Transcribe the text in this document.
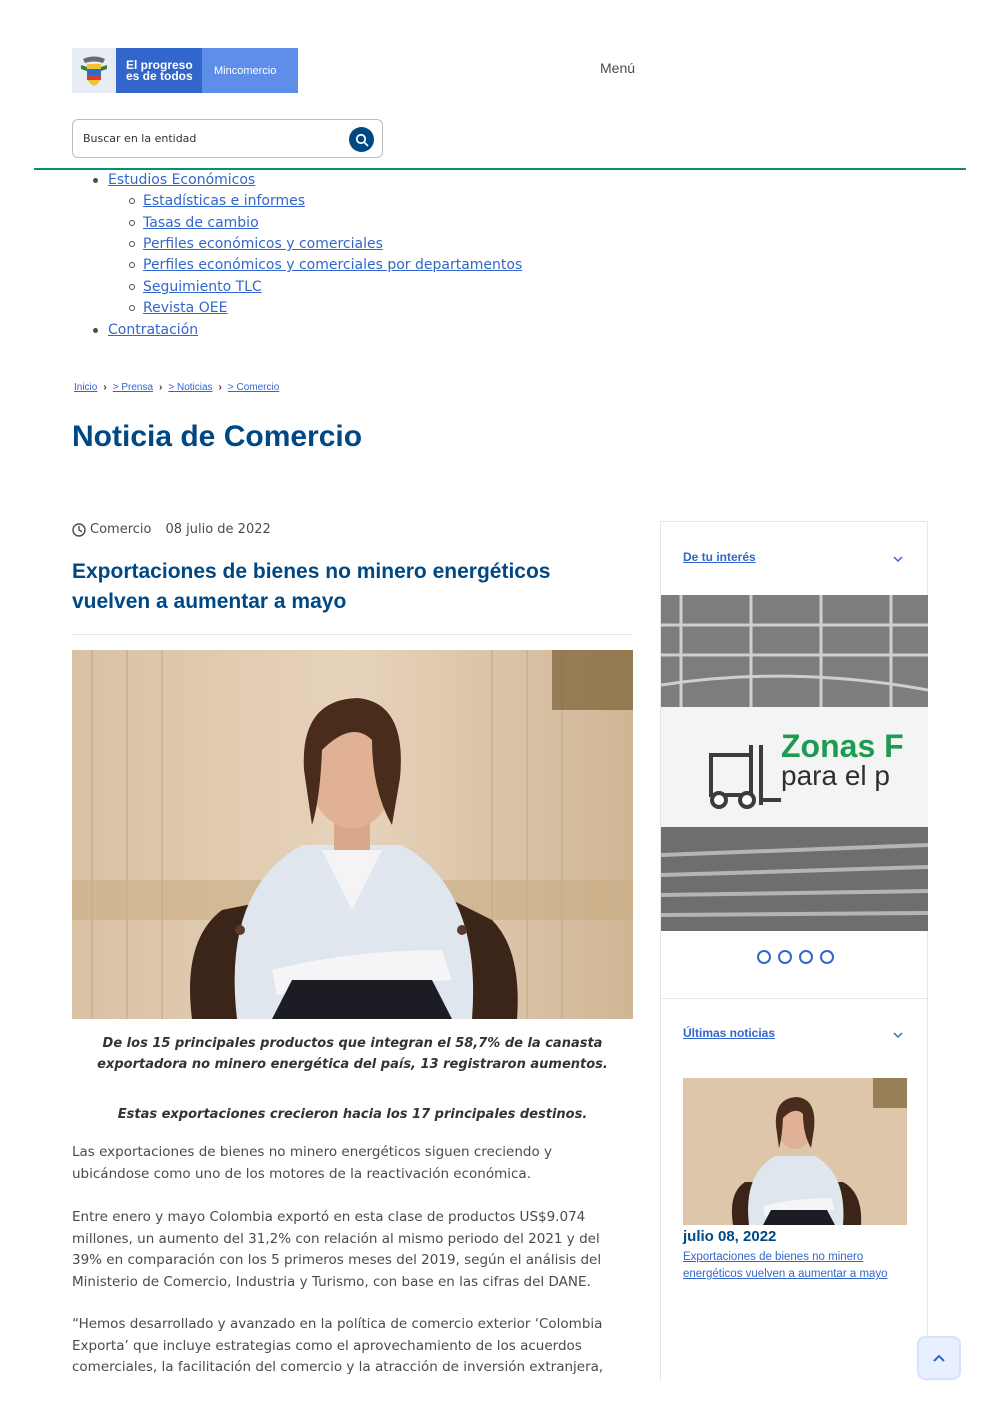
El progreso
es de todos	Mincomercio	Menú
Buscar en la entidad
Estudios Económicos
Estadísticas e informes
Tasas de cambio
Perfiles económicos y comerciales
Perfiles económicos y comerciales por departamentos
Seguimiento TLC
Revista OEE
Contratación
Inicio › > Prensa › > Noticias › > Comercio
Noticia de Comercio
Comercio 08 julio de 2022
Exportaciones de bienes no minero energéticos vuelven a aumentar a mayo

De los 15 principales productos que integran el 58,7% de la canasta exportadora no minero energética del país, 13 registraron aumentos.

Estas exportaciones crecieron hacia los 17 principales destinos.

Las exportaciones de bienes no minero energéticos siguen creciendo y ubicándose como uno de los motores de la reactivación económica.

Entre enero y mayo Colombia exportó en esta clase de productos US$9.074 millones, un aumento del 31,2% con relación al mismo periodo del 2021 y del 39% en comparación con los 5 primeros meses del 2019, según el análisis del Ministerio de Comercio, Industria y Turismo, con base en las cifras del DANE.

“Hemos desarrollado y avanzado en la política de comercio exterior ‘Colombia Exporta’ que incluye estrategias como el aprovechamiento de los acuerdos comerciales, la facilitación del comercio y la atracción de inversión extranjera,

De tu interés
Zonas F
para el p
Últimas noticias
julio 08, 2022
Exportaciones de bienes no minero energéticos vuelven a aumentar a mayo
